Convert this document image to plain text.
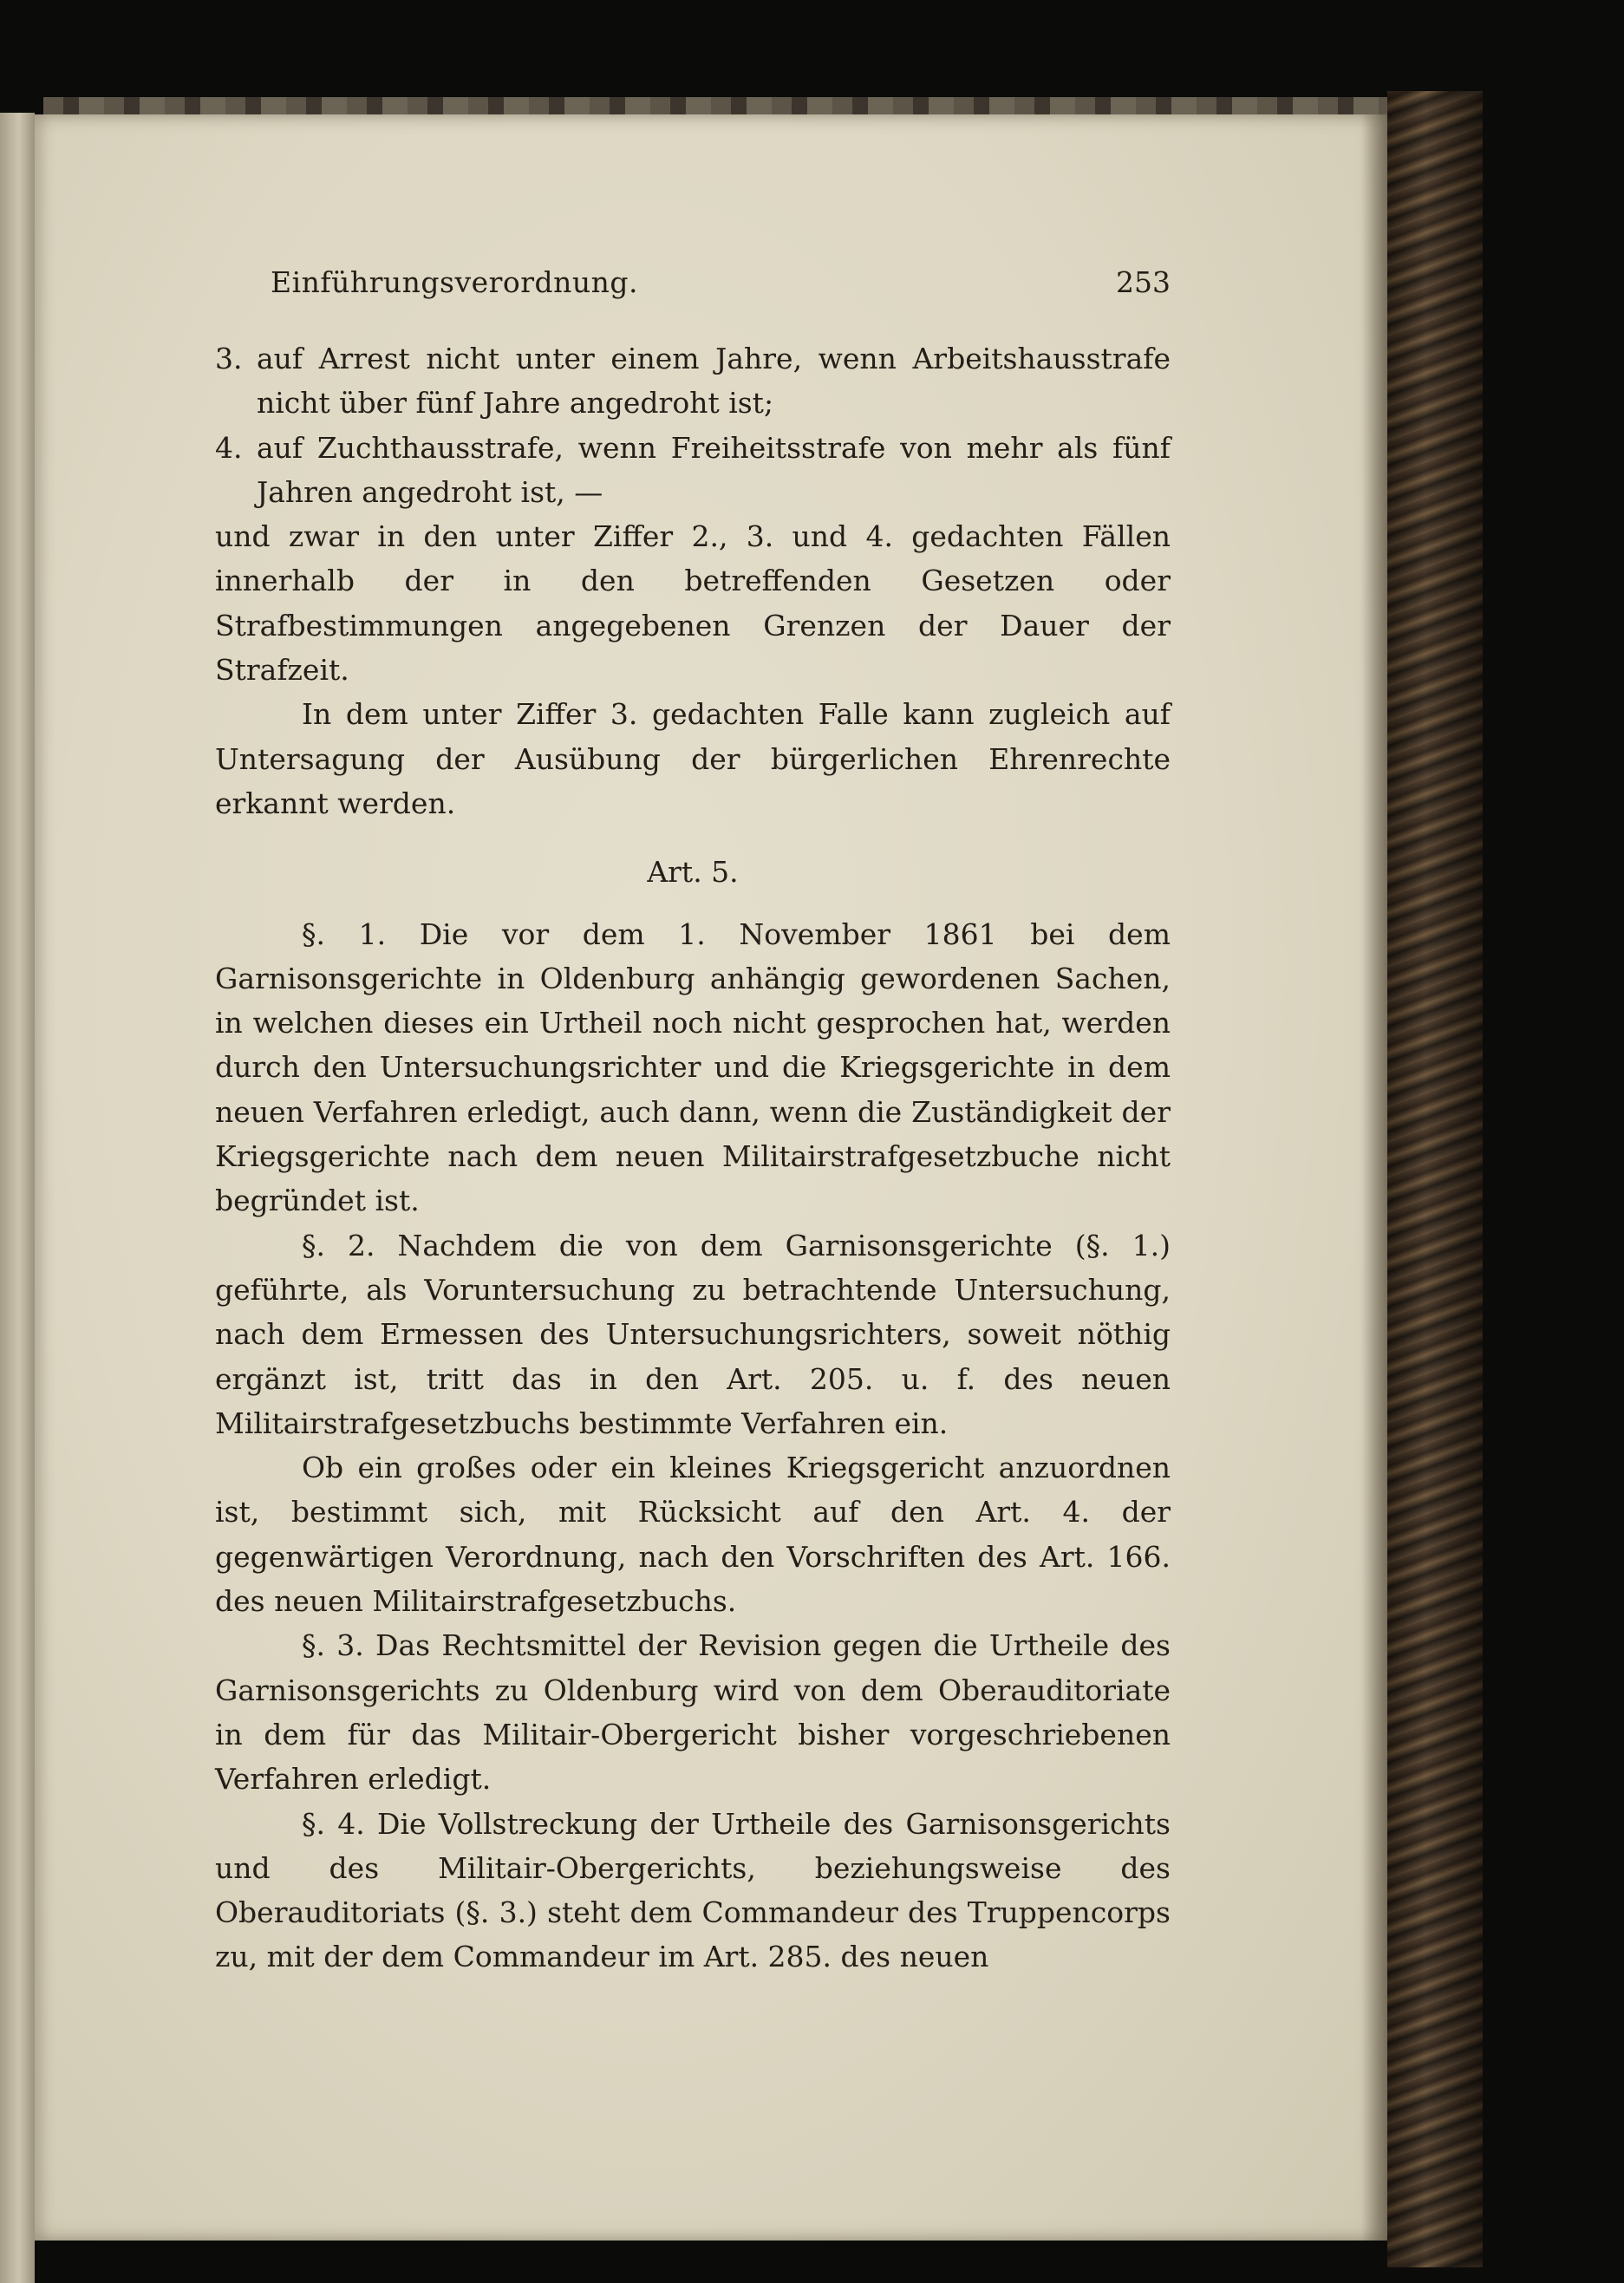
Einführungsverordnung.	253
3. auf Arrest nicht unter einem Jahre, wenn Arbeitshausstrafe nicht über fünf Jahre angedroht ist;
4. auf Zuchthausstrafe, wenn Freiheitsstrafe von mehr als fünf Jahren angedroht ist, —

und zwar in den unter Ziffer 2., 3. und 4. gedachten Fällen innerhalb der in den betreffenden Gesetzen oder Strafbestimmungen angegebenen Grenzen der Dauer der Strafzeit.

In dem unter Ziffer 3. gedachten Falle kann zugleich auf Untersagung der Ausübung der bürgerlichen Ehrenrechte erkannt werden.

Art. 5.

§. 1. Die vor dem 1. November 1861 bei dem Garnisonsgerichte in Oldenburg anhängig gewordenen Sachen, in welchen dieses ein Urtheil noch nicht gesprochen hat, werden durch den Untersuchungsrichter und die Kriegsgerichte in dem neuen Verfahren erledigt, auch dann, wenn die Zuständigkeit der Kriegsgerichte nach dem neuen Militairstrafgesetzbuche nicht begründet ist.

§. 2. Nachdem die von dem Garnisonsgerichte (§. 1.) geführte, als Voruntersuchung zu betrachtende Untersuchung, nach dem Ermessen des Untersuchungsrichters, soweit nöthig ergänzt ist, tritt das in den Art. 205. u. f. des neuen Militairstrafgesetzbuchs bestimmte Verfahren ein.

Ob ein großes oder ein kleines Kriegsgericht anzuordnen ist, bestimmt sich, mit Rücksicht auf den Art. 4. der gegenwärtigen Verordnung, nach den Vorschriften des Art. 166. des neuen Militairstrafgesetzbuchs.

§. 3. Das Rechtsmittel der Revision gegen die Urtheile des Garnisonsgerichts zu Oldenburg wird von dem Oberauditoriate in dem für das Militair-Obergericht bisher vorgeschriebenen Verfahren erledigt.

§. 4. Die Vollstreckung der Urtheile des Garnisonsgerichts und des Militair-Obergerichts, beziehungsweise des Oberauditoriats (§. 3.) steht dem Commandeur des Truppencorps zu, mit der dem Commandeur im Art. 285. des neuen
